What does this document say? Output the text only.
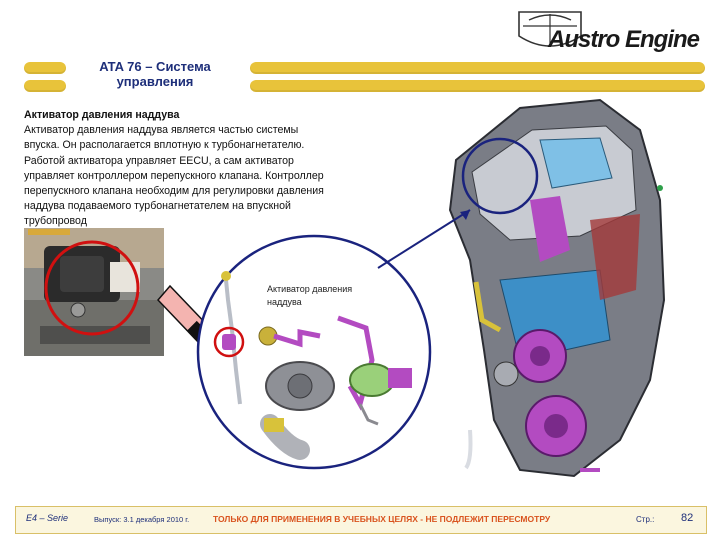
ATA 76 – Система
управления
Austro Engine
Активатор давления наддува
Активатор давления наддува является частью системы
впуска. Он располагается вплотную к турбонагнетателю.
Работой активатора управляет EECU, а сам активатор
управляет контроллером перепускного клапана. Контроллер
перепускного клапана необходим для регулировки давления
наддува подаваемого турбонагнетателем на впускной
трубопровод
Активатор давления
наддува
E4 – Serie	Выпуск: 3.1 декабря 2010 г.	ТОЛЬКО ДЛЯ ПРИМЕНЕНИЯ В УЧЕБНЫХ ЦЕЛЯХ - НЕ ПОДЛЕЖИТ ПЕРЕСМОТРУ	Стр.: 82
